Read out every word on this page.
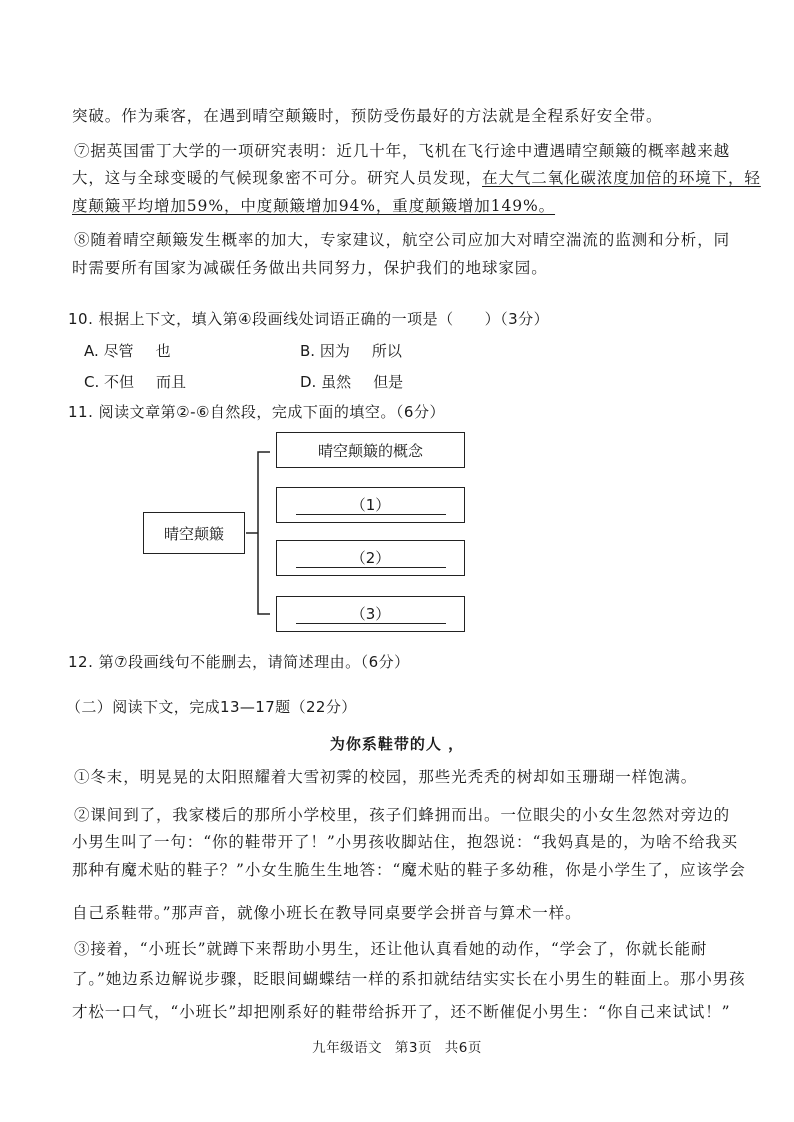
突破。作为乘客，在遇到晴空颠簸时，预防受伤最好的方法就是全程系好安全带。
⑦据英国雷丁大学的一项研究表明：近几十年，飞机在飞行途中遭遇晴空颠簸的概率越来越
大，这与全球变暖的气候现象密不可分。研究人员发现，在大气二氧化碳浓度加倍的环境下，轻
度颠簸平均增加59%，中度颠簸增加94%，重度颠簸增加149%。
⑧随着晴空颠簸发生概率的加大，专家建议，航空公司应加大对晴空湍流的监测和分析，同
时需要所有国家为减碳任务做出共同努力，保护我们的地球家园。
10. 根据上下文，填入第④段画线处词语正确的一项是（　　）（3分）
A. 尽管 也	B. 因为 所以
C. 不但 而且	D. 虽然 但是
11. 阅读文章第②-⑥自然段，完成下面的填空。（6分）
晴空颠簸
晴空颠簸的概念
（1）
（2）
（3）
12. 第⑦段画线句不能删去，请简述理由。（6分）
（二）阅读下文，完成13—17题（22分）
为你系鞋带的人 ，
①冬末，明晃晃的太阳照耀着大雪初霁的校园，那些光秃秃的树却如玉珊瑚一样饱满。
②课间到了，我家楼后的那所小学校里，孩子们蜂拥而出。一位眼尖的小女生忽然对旁边的
小男生叫了一句：“你的鞋带开了！”小男孩收脚站住，抱怨说：“我妈真是的，为啥不给我买
那种有魔术贴的鞋子？”小女生脆生生地答：“魔术贴的鞋子多幼稚，你是小学生了，应该学会
自己系鞋带。”那声音，就像小班长在教导同桌要学会拼音与算术一样。
③接着，“小班长”就蹲下来帮助小男生，还让他认真看她的动作，“学会了，你就长能耐
了。”她边系边解说步骤，眨眼间蝴蝶结一样的系扣就结结实实长在小男生的鞋面上。那小男孩
才松一口气，“小班长”却把刚系好的鞋带给拆开了，还不断催促小男生：“你自己来试试！”
九年级语文 第3页 共6页
